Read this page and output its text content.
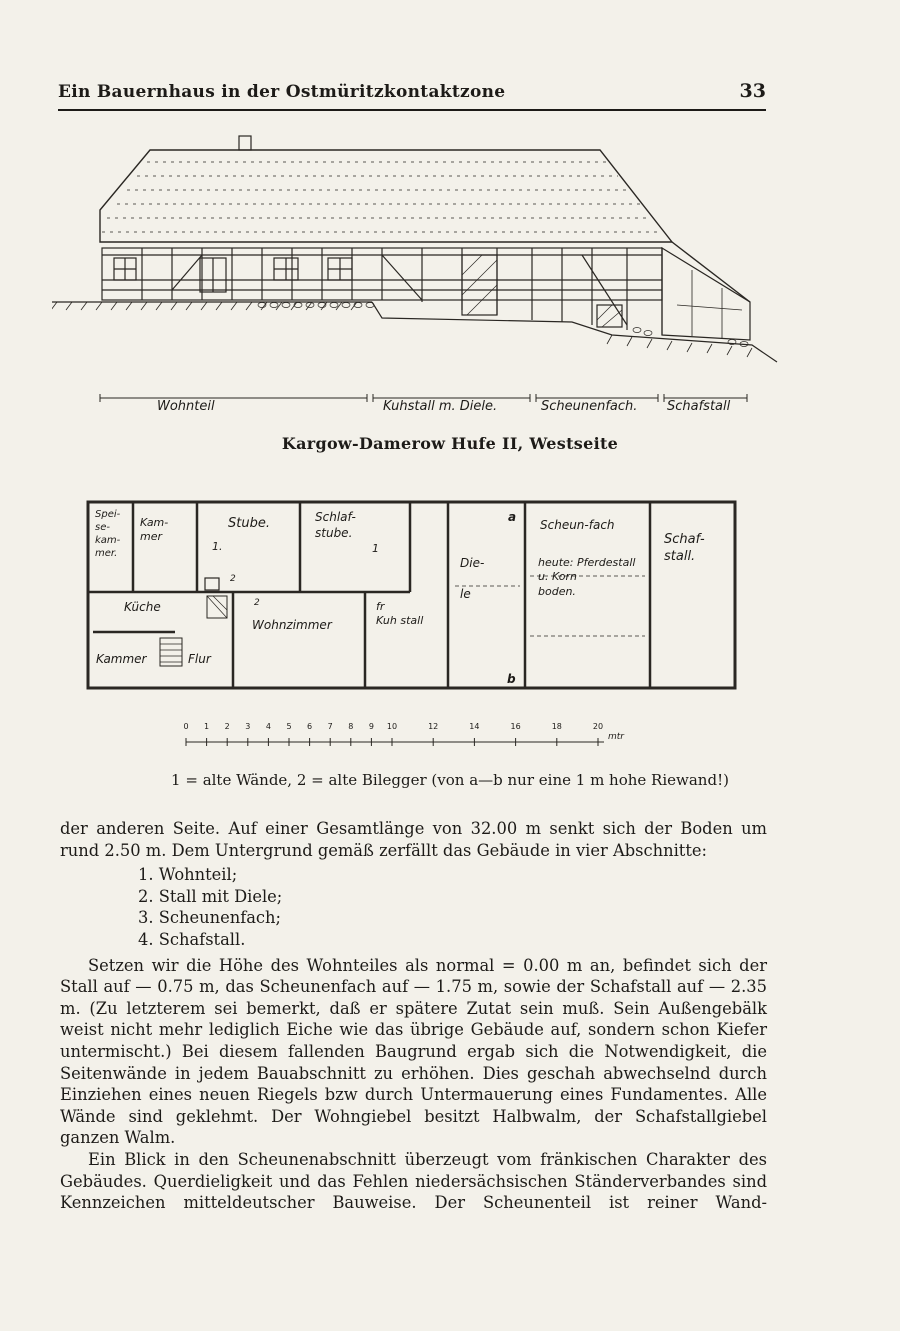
Ein Bauernhaus in der Ostmüritzkontaktzone	33
Wohnteil	Kuhstall m. Diele.	Scheunenfach. Schafstall
Kargow-Damerow Hufe II, Westseite
Spei-
se-
kam-
mer.
Kam-
mer
Stube.	Schlaf-
stube.
Küche
Wohnzimmer
Kammer	Flur
fr
Kuh stall
Die-

le
Scheun-fach
heute: Pferdestall
u. Korn
boden.
Schaf-
stall.
a
b
1.	1
2
2
mtr
0 1 2 3 4 5 6 7 8 9 10	12	14	16	18	20
1 = alte Wände, 2 = alte Bilegger (von a—b nur eine 1 m hohe Riewand!)

der anderen Seite. Auf einer Gesamtlänge von 32.00 m senkt sich der Boden um rund 2.50 m. Dem Untergrund gemäß zerfällt das Gebäude in vier Abschnitte:

1. Wohnteil;
2. Stall mit Diele;
3. Scheunenfach;
4. Schafstall.

Setzen wir die Höhe des Wohnteiles als normal = 0.00 m an, befindet sich der Stall auf — 0.75 m, das Scheunenfach auf — 1.75 m, sowie der Schafstall auf — 2.35 m. (Zu letzterem sei bemerkt, daß er spätere Zutat sein muß. Sein Außengebälk weist nicht mehr lediglich Eiche wie das übrige Gebäude auf, sondern schon Kiefer untermischt.) Bei diesem fallenden Baugrund ergab sich die Notwendigkeit, die Seitenwände in jedem Bauabschnitt zu erhöhen. Dies geschah abwechselnd durch Einziehen eines neuen Riegels bzw durch Untermauerung eines Fundamentes. Alle Wände sind geklehmt. Der Wohngiebel besitzt Halbwalm, der Schafstallgiebel ganzen Walm.

Ein Blick in den Scheunenabschnitt überzeugt vom fränkischen Charakter des Gebäudes. Querdieligkeit und das Fehlen niedersächsischen Ständerverbandes sind Kennzeichen mitteldeutscher Bauweise. Der Scheunenteil ist reiner Wand-
